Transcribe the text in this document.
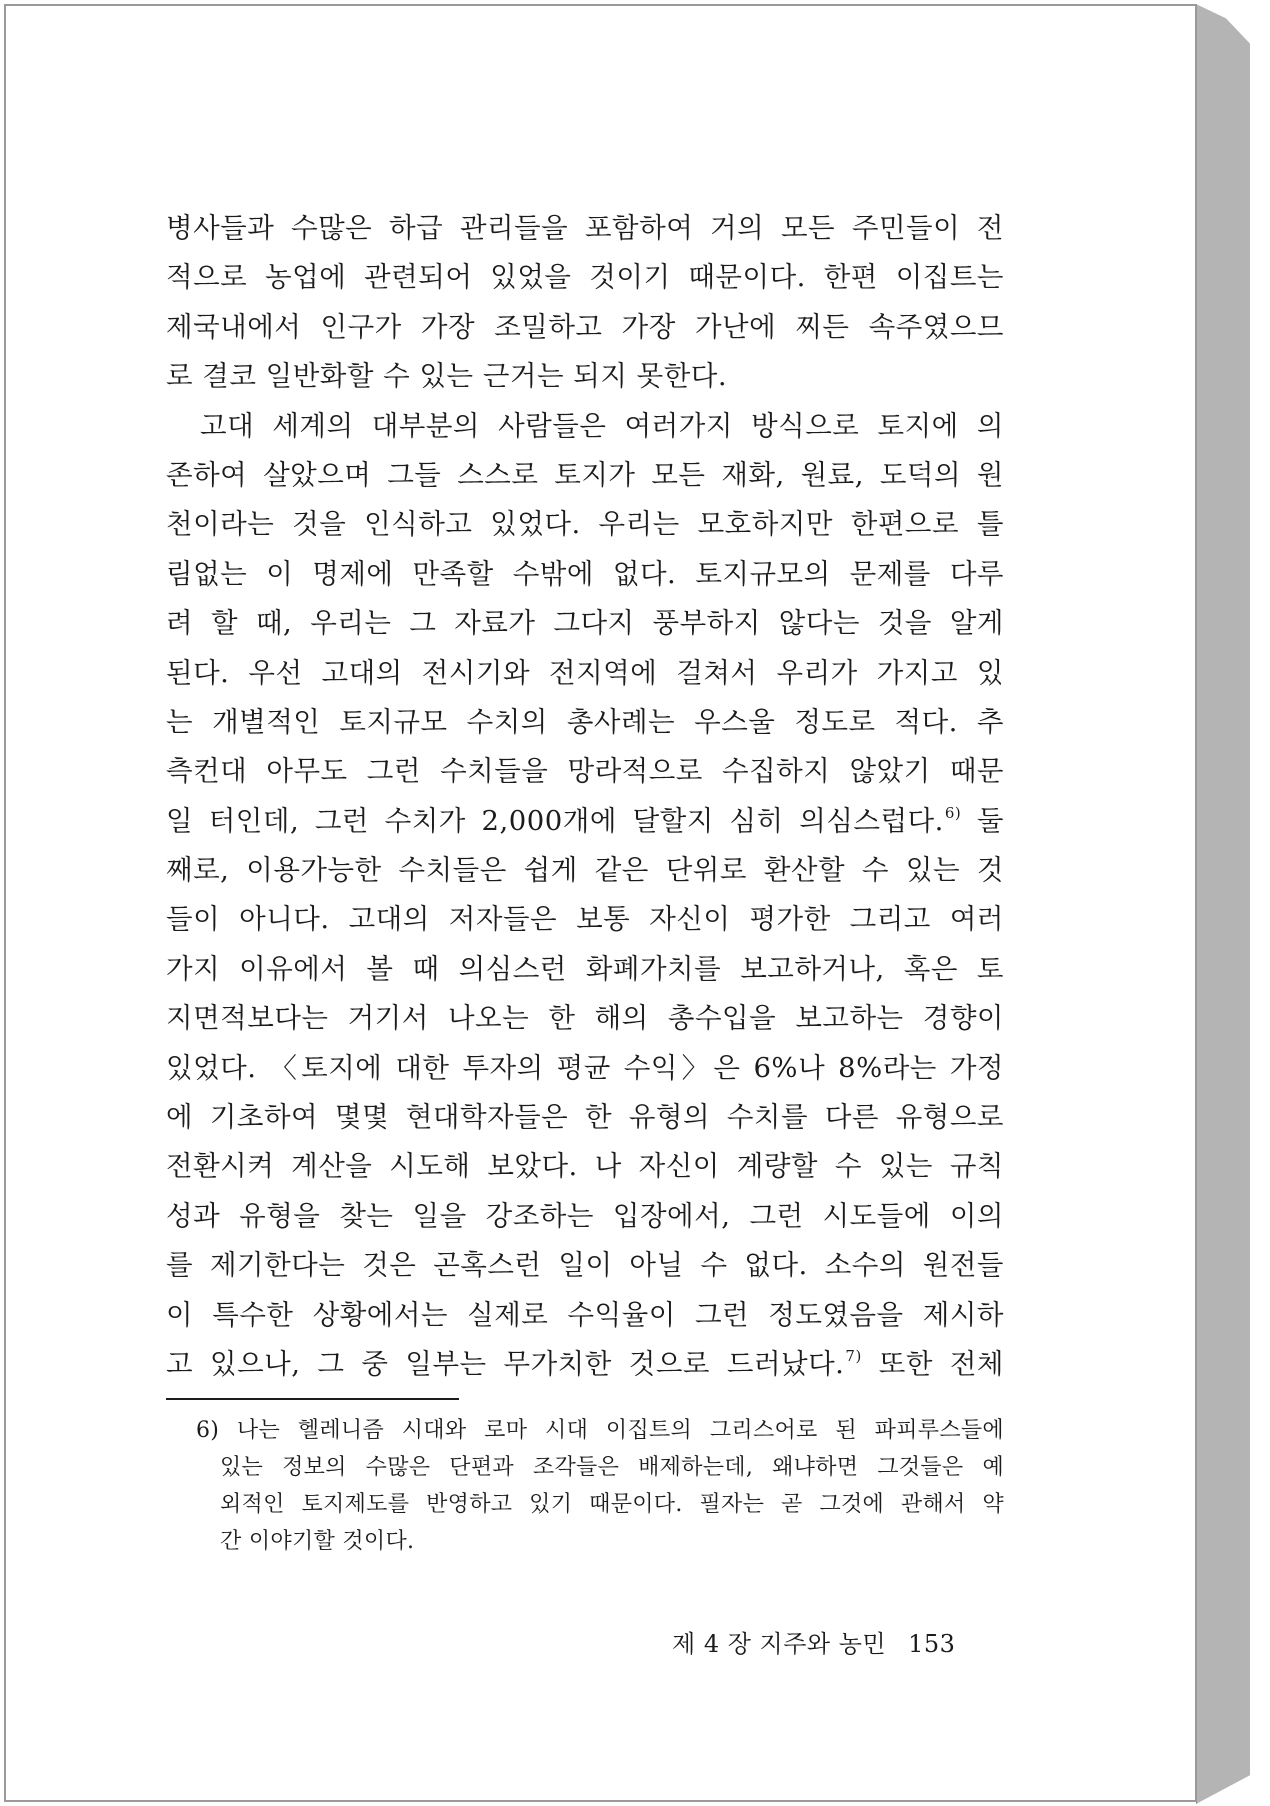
병사들과 수많은 하급 관리들을 포함하여 거의 모든 주민들이 전
적으로 농업에 관련되어 있었을 것이기 때문이다. 한편 이집트는
제국내에서 인구가 가장 조밀하고 가장 가난에 찌든 속주였으므
로 결코 일반화할 수 있는 근거는 되지 못한다.
고대 세계의 대부분의 사람들은 여러가지 방식으로 토지에 의
존하여 살았으며 그들 스스로 토지가 모든 재화, 원료, 도덕의 원
천이라는 것을 인식하고 있었다. 우리는 모호하지만 한편으로 틀
림없는 이 명제에 만족할 수밖에 없다. 토지규모의 문제를 다루
려 할 때, 우리는 그 자료가 그다지 풍부하지 않다는 것을 알게
된다. 우선 고대의 전시기와 전지역에 걸쳐서 우리가 가지고 있
는 개별적인 토지규모 수치의 총사례는 우스울 정도로 적다. 추
측컨대 아무도 그런 수치들을 망라적으로 수집하지 않았기 때문
일 터인데, 그런 수치가 2,000개에 달할지 심히 의심스럽다.$^{6)}$ 둘
째로, 이용가능한 수치들은 쉽게 같은 단위로 환산할 수 있는 것
들이 아니다. 고대의 저자들은 보통 자신이 평가한 그리고 여러
가지 이유에서 볼 때 의심스런 화폐가치를 보고하거나, 혹은 토
지면적보다는 거기서 나오는 한 해의 총수입을 보고하는 경향이
있었다. 〈토지에 대한 투자의 평균 수익〉은 6%나 8%라는 가정
에 기초하여 몇몇 현대학자들은 한 유형의 수치를 다른 유형으로
전환시켜 계산을 시도해 보았다. 나 자신이 계량할 수 있는 규칙
성과 유형을 찾는 일을 강조하는 입장에서, 그런 시도들에 이의
를 제기한다는 것은 곤혹스런 일이 아닐 수 없다. 소수의 원전들
이 특수한 상황에서는 실제로 수익율이 그런 정도였음을 제시하
고 있으나, 그 중 일부는 무가치한 것으로 드러났다.$^{7)}$ 또한 전체
6) 나는 헬레니즘 시대와 로마 시대 이집트의 그리스어로 된 파피루스들에
있는 정보의 수많은 단편과 조각들은 배제하는데, 왜냐하면 그것들은 예
외적인 토지제도를 반영하고 있기 때문이다. 필자는 곧 그것에 관해서 약
간 이야기할 것이다.
제 4 장 지주와 농민 153
